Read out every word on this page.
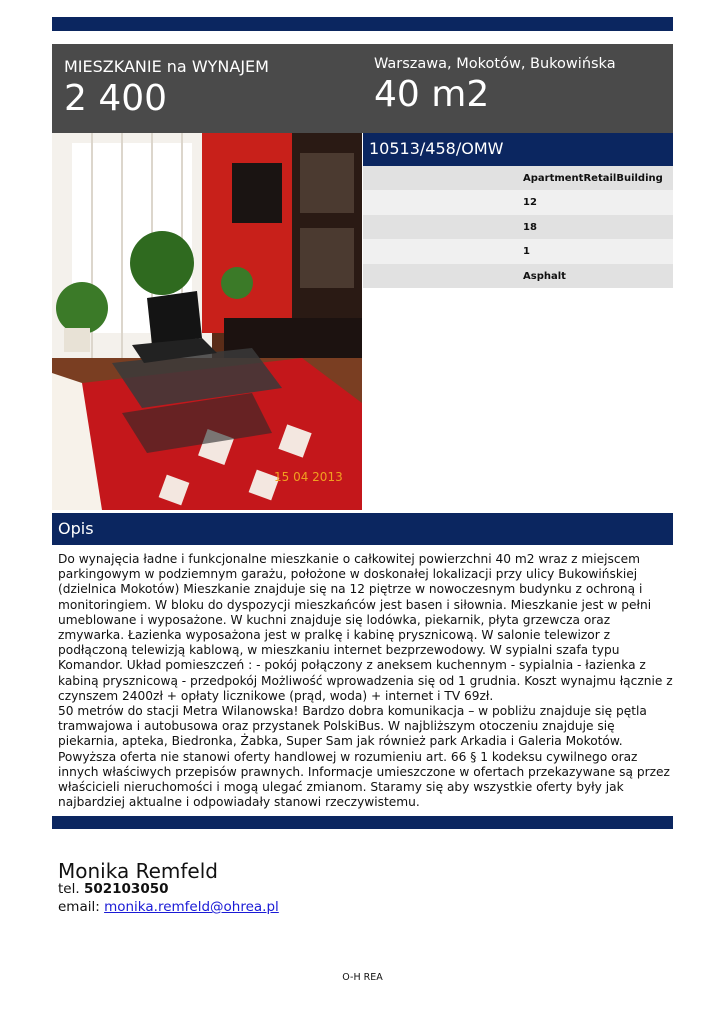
MIESZKANIE na WYNAJEM
2 400
Warszawa, Mokotów, Bukowińska
40 m2
15 04 2013
10513/458/OMW
ApartmentRetailBuilding
12
18
1
Asphalt
Opis

Do wynajęcia ładne i funkcjonalne mieszkanie o całkowitej powierzchni 40 m2 wraz z miejscem parkingowym w podziemnym garażu, położone w doskonałej lokalizacji przy ulicy Bukowińskiej (dzielnica Mokotów) Mieszkanie znajduje się na 12 piętrze w nowoczesnym budynku z ochroną i monitoringiem. W bloku do dyspozycji mieszkańców jest basen i siłownia. Mieszkanie jest w pełni umeblowane i wyposażone. W kuchni znajduje się lodówka, piekarnik, płyta grzewcza oraz zmywarka. Łazienka wyposażona jest w pralkę i kabinę prysznicową. W salonie telewizor z podłączoną telewizją kablową, w mieszkaniu internet bezprzewodowy. W sypialni szafa typu Komandor. Układ pomieszczeń : - pokój połączony z aneksem kuchennym - sypialnia - łazienka z kabiną prysznicową - przedpokój Możliwość wprowadzenia się od 1 grudnia. Koszt wynajmu łącznie z czynszem 2400zł + opłaty licznikowe (prąd, woda) + internet i TV 69zł.

50 metrów do stacji Metra Wilanowska! Bardzo dobra komunikacja – w pobliżu znajduje się pętla tramwajowa i autobusowa oraz przystanek PolskiBus. W najbliższym otoczeniu znajduje się piekarnia, apteka, Biedronka, Żabka, Super Sam jak również park Arkadia i Galeria Mokotów. Powyższa oferta nie stanowi oferty handlowej w rozumieniu art. 66 § 1 kodeksu cywilnego oraz innych właściwych przepisów prawnych. Informacje umieszczone w ofertach przekazywane są przez właścicieli nieruchomości i mogą ulegać zmianom. Staramy się aby wszystkie oferty były jak najbardziej aktualne i odpowiadały stanowi rzeczywistemu.

Monika Remfeld
tel. 502103050
email: monika.remfeld@ohrea.pl
O-H REA
